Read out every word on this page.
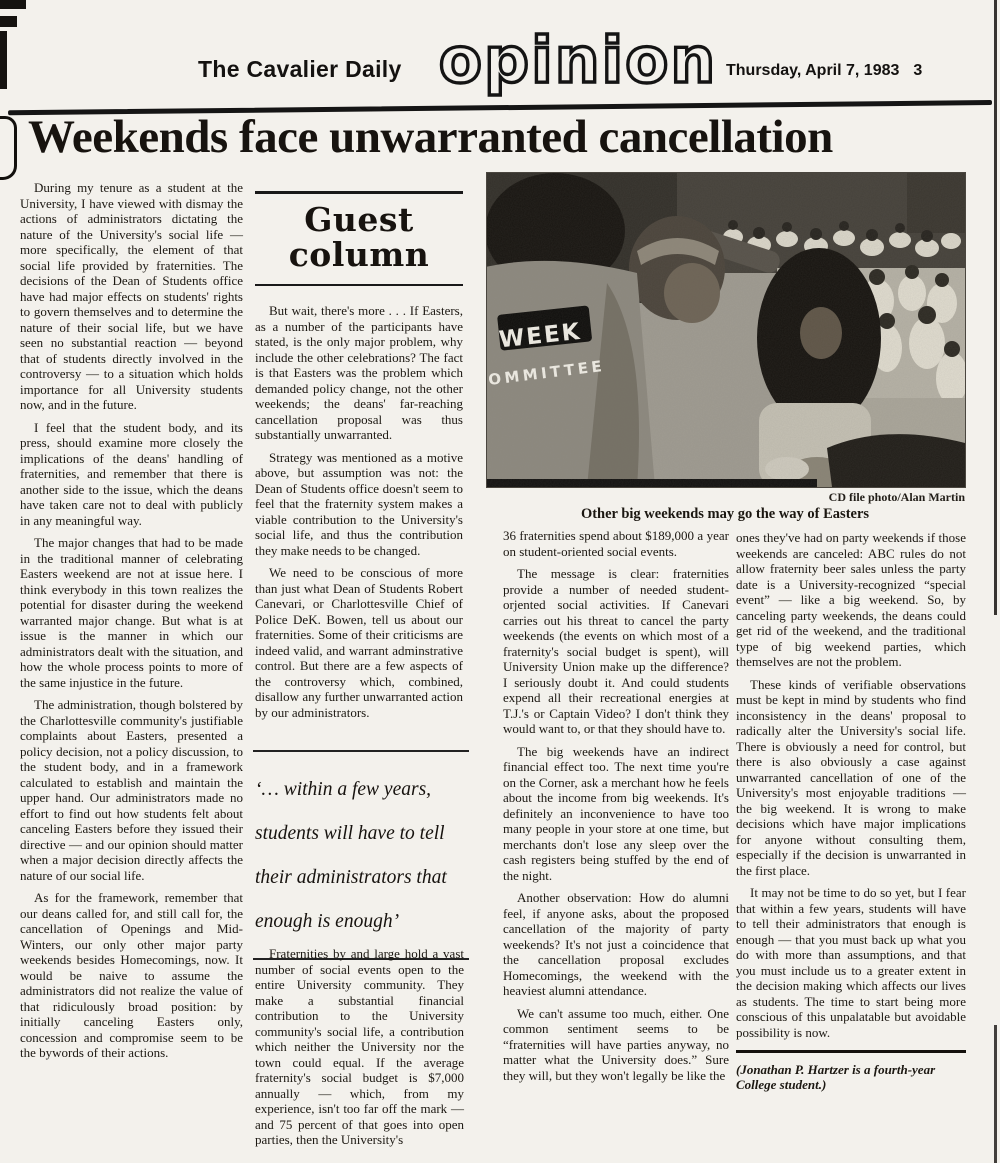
The Cavalier Daily opinion Thursday, April 7, 1983 3
Weekends face unwarranted cancellation

During my tenure as a student at the University, I have viewed with dismay the actions of administrators dictating the nature of the University's social life — more specifically, the element of that social life provided by fraternities. The decisions of the Dean of Students office have had major effects on students' rights to govern themselves and to determine the nature of their social life, but we have seen no substantial reaction — beyond that of students directly involved in the controversy — to a situation which holds importance for all University students now, and in the future.

I feel that the student body, and its press, should examine more closely the implications of the deans' handling of fraternities, and remember that there is another side to the issue, which the deans have taken care not to deal with publicly in any meaningful way.

The major changes that had to be made in the traditional manner of celebrating Easters weekend are not at issue here. I think everybody in this town realizes the potential for disaster during the weekend warranted major change. But what is at issue is the manner in which our administrators dealt with the situation, and how the whole process points to more of the same injustice in the future.

The administration, though bolstered by the Charlottesville community's justifiable complaints about Easters, presented a policy decision, not a policy discussion, to the student body, and in a framework calculated to establish and maintain the upper hand. Our administrators made no effort to find out how students felt about canceling Easters before they issued their directive — and our opinion should matter when a major decision directly affects the nature of our social life.

As for the framework, remember that our deans called for, and still call for, the cancellation of Openings and Mid-Winters, our only other major party weekends besides Homecomings, now. It would be naive to assume the administrators did not realize the value of that ridiculously broad position: by initially canceling Easters only, concession and compromise seem to be the bywords of their actions.

Guest column

But wait, there's more . . . If Easters, as a number of the participants have stated, is the only major problem, why include the other celebrations? The fact is that Easters was the problem which demanded policy change, not the other weekends; the deans' far-reaching cancellation proposal was thus substantially unwarranted.

Strategy was mentioned as a motive above, but assumption was not: the Dean of Students office doesn't seem to feel that the fraternity system makes a viable contribution to the University's social life, and thus the contribution they make needs to be changed.

We need to be conscious of more than just what Dean of Students Robert Canevari, or Charlottesville Chief of Police DeK. Bowen, tell us about our fraternities. Some of their criticisms are indeed valid, and warrant adminstrative control. But there are a few aspects of the controversy which, combined, disallow any further unwarranted action by our administrators.

‘… within a few years, students will have to tell their administrators that enough is enough’

Fraternities by and large hold a vast number of social events open to the entire University community. They make a substantial financial contribution to the University community's social life, a contribution which neither the University nor the town could equal. If the average fraternity's social budget is $7,000 annually — which, from my experience, isn't too far off the mark — and 75 percent of that goes into open parties, then the University's

WEEK
OMMITTEE
CD file photo/Alan Martin
Other big weekends may go the way of Easters

36 fraternities spend about $189,000 a year on student-oriented social events.

The message is clear: fraternities provide a number of needed student-orjented social activities. If Canevari carries out his threat to cancel the party weekends (the events on which most of a fraternity's social budget is spent), will University Union make up the difference? I seriously doubt it. And could students expend all their recreational energies at T.J.'s or Captain Video? I don't think they would want to, or that they should have to.

The big weekends have an indirect financial effect too. The next time you're on the Corner, ask a merchant how he feels about the income from big weekends. It's definitely an inconvenience to have too many people in your store at one time, but merchants don't lose any sleep over the cash registers being stuffed by the end of the night.

Another observation: How do alumni feel, if anyone asks, about the proposed cancellation of the majority of party weekends? It's not just a coincidence that the cancellation proposal excludes Homecomings, the weekend with the heaviest alumni attendance.

We can't assume too much, either. One common sentiment seems to be “fraternities will have parties anyway, no matter what the University does.” Sure they will, but they won't legally be like the

ones they've had on party weekends if those weekends are canceled: ABC rules do not allow fraternity beer sales unless the party date is a University-recognized “special event” — like a big weekend. So, by canceling party weekends, the deans could get rid of the weekend, and the traditional type of big weekend parties, which themselves are not the problem.

These kinds of verifiable observations must be kept in mind by students who find inconsistency in the deans' proposal to radically alter the University's social life. There is obviously a need for control, but there is also obviously a case against unwarranted cancellation of one of the University's most enjoyable traditions — the big weekend. It is wrong to make decisions which have major implications for anyone without consulting them, especially if the decision is unwarranted in the first place.

It may not be time to do so yet, but I fear that within a few years, students will have to tell their administrators that enough is enough — that you must back up what you do with more than assumptions, and that you must include us to a greater extent in the decision making which affects our lives as students. The time to start being more conscious of this unpalatable but avoidable possibility is now.

(Jonathan P. Hartzer is a fourth-year College student.)
